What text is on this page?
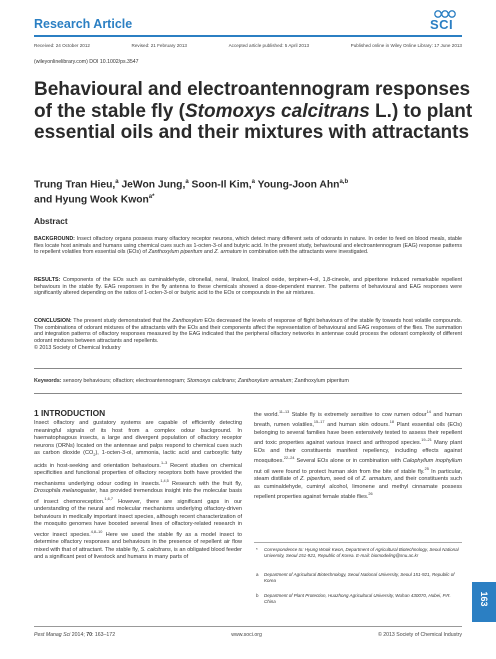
Research Article	SCI
Received: 24 October 2012	Revised: 21 February 2013	Accepted article published: 5 April 2013	Published online in Wiley Online Library: 17 June 2013
(wileyonlinelibrary.com) DOI 10.1002/ps.3547
Behavioural and electroantennogram responses of the stable fly (Stomoxys calcitrans L.) to plant essential oils and their mixtures with attractants
Trung Tran Hieu,$^a$ JeWon Jung,$^a$ Soon-Il Kim,$^a$ Young-Joon Ahn$^{a,b}$
and Hyung Wook Kwon$^{a*}$
Abstract
BACKGROUND: Insect olfactory organs possess many olfactory receptor neurons, which detect many different sets of odorants in nature. In order to feed on blood meals, stable flies locate host animals and humans using chemical cues such as 1-octen-3-ol and butyric acid. In the present study, behavioural and electroantennogram (EAG) response patterns to repellent volatiles from essential oils (EOs) of Zanthoxylum piperitum and Z. armatum in combination with the attractants were investigated.
RESULTS: Components of the EOs such as cuminaldehyde, citronellal, neral, linalool, linalool oxide, terpinen-4-ol, 1,8-cineole, and piperitone induced remarkable repellent behaviours in the stable fly. EAG responses in the fly antenna to these chemicals showed a dose-dependent manner. The patterns of behavioural and EAG responses were significantly altered depending on the ratios of 1-octen-3-ol or butyric acid to the EOs or compounds in the air mixtures.
CONCLUSION: The present study demonstrated that the Zanthoxylum EOs decreased the levels of response of flight behaviours of the stable fly towards host volatile compounds. The combinations of odorant mixtures of the attractants with the EOs and their components affect the representation of behavioural and EAG responses of the flies. The summation and integration patterns of olfactory responses measured by the EAG indicated that the peripheral olfactory networks in antennae could process the odorant complexity of different odorant mixtures between attractants and repellents.
© 2013 Society of Chemical Industry
Keywords: sensory behaviours; olfaction; electroantennogram; Stomoxys calcitrans; Zanthoxylum armatum; Zanthoxylum piperitum
1 INTRODUCTION
Insect olfactory and gustatory systems are capable of efficiently detecting meaningful signals of its host from a complex odour background. In haematophagous insects, a large and divergent population of olfactory receptor neurons (ORNs) located on the antennae and palps respond to chemical cues such as carbon dioxide $(CO_2)$, 1-octen-3-ol, ammonia, lactic acid and carboxylic fatty acids in host-seeking and orientation behaviours.$^{1-3}$ Recent studies on chemical specificities and functional properties of olfactory receptors both have provided the mechanisms underlying odour coding in insects.$^{1,4,5}$ Research with the fruit fly, Drosophila melanogaster, has provided tremendous insight into the molecular basis of insect chemoreception.$^{1,6,7}$ However, there are significant gaps in our understanding of the neural and molecular mechanisms underlying olfactory-driven behaviours in medically important insect species, although recent characterization of the mosquito genomes have boosted several lines of olfactory-related research in vector insect species.$^{4,8-10}$ Here we used the stable fly as a model insect to determine olfactory responses and behaviours in the presence of repellent air flow mixed with that of attractant. The stable fly, S. calcitrans, is an obligated blood feeder and a significant pest of livestock and humans in many parts of
the world.$^{11-13}$ Stable fly is extremely sensitive to cow rumen odour$^{14}$ and human breath, rumen volatiles,$^{15-17}$ and human skin odours.$^{18}$ Plant essential oils (EOs) belonging to several families have been extensively tested to assess their repellent and toxic properties against various insect and arthropod species.$^{19-21}$ Many plant EOs and their constituents manifest repellency, including effects against mosquitoes.$^{22-24}$ Several EOs alone or in combination with Calophyllum inophyllum nut oil were found to protect human skin from the bite of stable fly.$^{25}$ In particular, steam distillate of Z. piperitum, seed oil of Z. armatum, and their constituents such as cuminaldehyde, cuminyl alcohol, limonene and methyl cinnamate possess repellent properties against female stable flies.$^{26}$
*	Correspondence to: Hyung Wook Kwon, Department of Agricultural Biotechnology, Seoul National University, Seoul 151-921, Republic of Korea. E-mail: biomodeling@snu.ac.kr
a	Department of Agricultural Biotechnology, Seoul National University, Seoul 151-921, Republic of Korea
b	Department of Plant Protection, Huazhong Agricultural University, Wuhan 430070, Hubei, P.R. China
Pest Manag Sci 2014; 70: 163–172	www.soci.org	© 2013 Society of Chemical Industry
163
